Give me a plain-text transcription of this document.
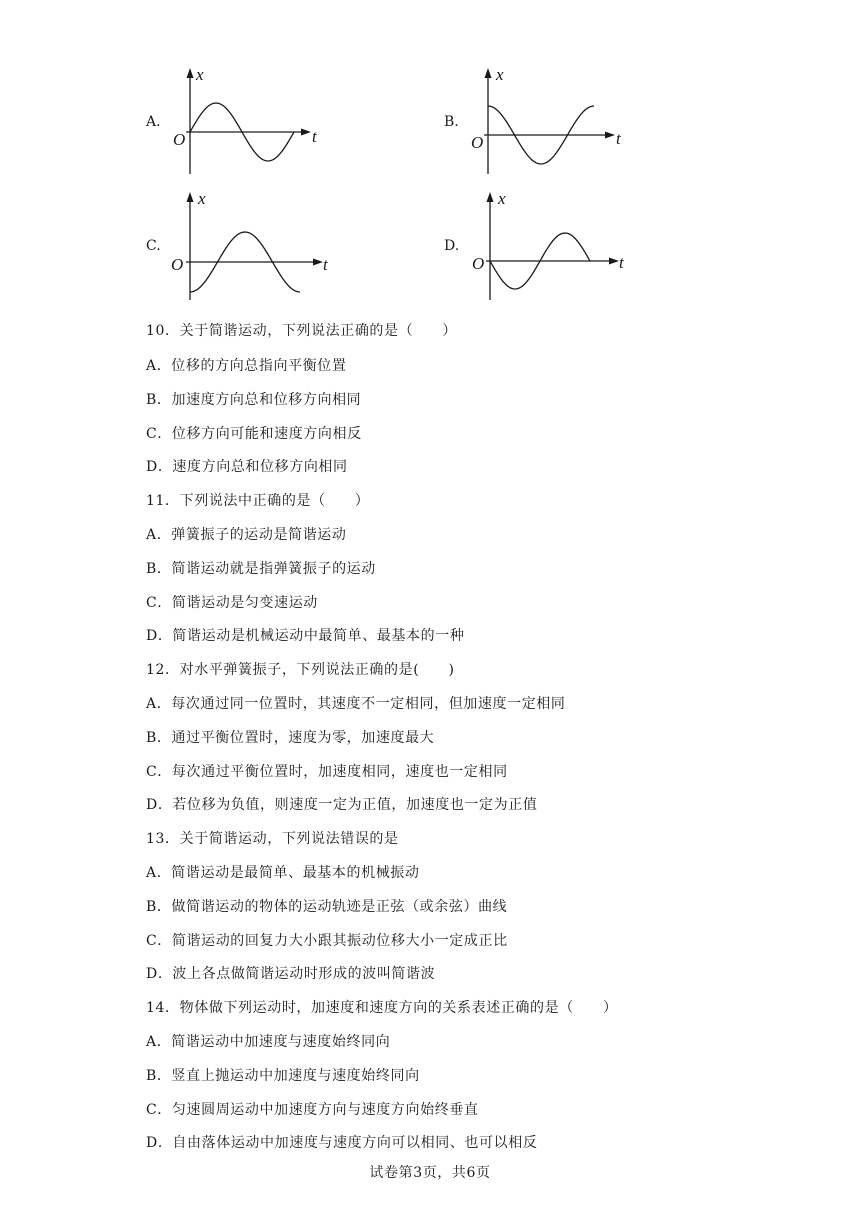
A.	B.
C.	D.
x
t
O
x
t
O
x
t
O
x
t
O
10．关于简谐运动，下列说法正确的是（　　）
A．位移的方向总指向平衡位置
B．加速度方向总和位移方向相同
C．位移方向可能和速度方向相反
D．速度方向总和位移方向相同
11．下列说法中正确的是（　　）
A．弹簧振子的运动是简谐运动
B．简谐运动就是指弹簧振子的运动
C．简谐运动是匀变速运动
D．简谐运动是机械运动中最简单、最基本的一种
12．对水平弹簧振子，下列说法正确的是(　　)
A．每次通过同一位置时，其速度不一定相同，但加速度一定相同
B．通过平衡位置时，速度为零，加速度最大
C．每次通过平衡位置时，加速度相同，速度也一定相同
D．若位移为负值，则速度一定为正值，加速度也一定为正值
13．关于简谐运动，下列说法错误的是
A．简谐运动是最简单、最基本的机械振动
B．做简谐运动的物体的运动轨迹是正弦（或余弦）曲线
C．简谐运动的回复力大小跟其振动位移大小一定成正比
D．波上各点做简谐运动时形成的波叫简谐波
14．物体做下列运动时，加速度和速度方向的关系表述正确的是（　　）
A．简谐运动中加速度与速度始终同向
B．竖直上抛运动中加速度与速度始终同向
C．匀速圆周运动中加速度方向与速度方向始终垂直
D．自由落体运动中加速度与速度方向可以相同、也可以相反
试卷第3页，共6页
